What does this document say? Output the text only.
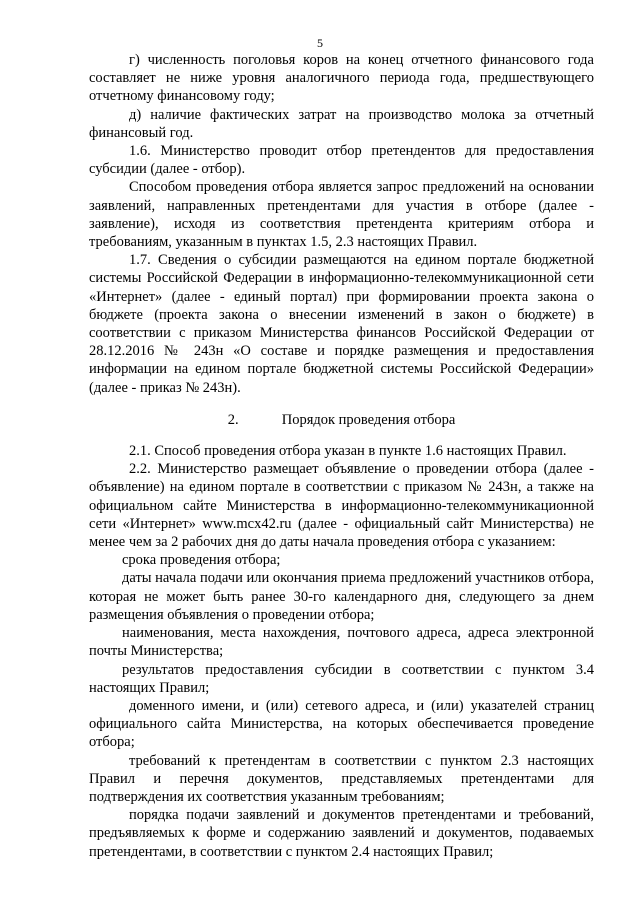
5

г) численность поголовья коров на конец отчетного финансового года составляет не ниже уровня аналогичного периода года, предшествующего отчетному финансовому году;

д) наличие фактических затрат на производство молока за отчетный финансовый год.

1.6. Министерство проводит отбор претендентов для предоставления субсидии (далее - отбор).

Способом проведения отбора является запрос предложений на основании заявлений, направленных претендентами для участия в отборе (далее - заявление), исходя из соответствия претендента критериям отбора и требованиям, указанным в пунктах 1.5, 2.3 настоящих Правил.

1.7. Сведения о субсидии размещаются на едином портале бюджетной системы Российской Федерации в информационно-телекоммуникационной сети «Интернет» (далее - единый портал) при формировании проекта закона о бюджете (проекта закона о внесении изменений в закон о бюджете) в соответствии с приказом Министерства финансов Российской Федерации от 28.12.2016 № 243н «О составе и порядке размещения и предоставления информации на едином портале бюджетной системы Российской Федерации» (далее - приказ № 243н).

2.	Порядок проведения отбора

2.1. Способ проведения отбора указан в пункте 1.6 настоящих Правил.

2.2. Министерство размещает объявление о проведении отбора (далее - объявление) на едином портале в соответствии с приказом № 243н, а также на официальном сайте Министерства в информационно-телекоммуникационной сети «Интернет» www.mcx42.ru (далее - официальный сайт Министерства) не менее чем за 2 рабочих дня до даты начала проведения отбора с указанием:

срока проведения отбора;

даты начала подачи или окончания приема предложений участников отбора, которая не может быть ранее 30-го календарного дня, следующего за днем размещения объявления о проведении отбора;

наименования, места нахождения, почтового адреса, адреса электронной почты Министерства;

результатов предоставления субсидии в соответствии с пунктом 3.4 настоящих Правил;

доменного имени, и (или) сетевого адреса, и (или) указателей страниц официального сайта Министерства, на которых обеспечивается проведение отбора;

требований к претендентам в соответствии с пунктом 2.3 настоящих Правил и перечня документов, представляемых претендентами для подтверждения их соответствия указанным требованиям;

порядка подачи заявлений и документов претендентами и требований, предъявляемых к форме и содержанию заявлений и документов, подаваемых претендентами, в соответствии с пунктом 2.4 настоящих Правил;
